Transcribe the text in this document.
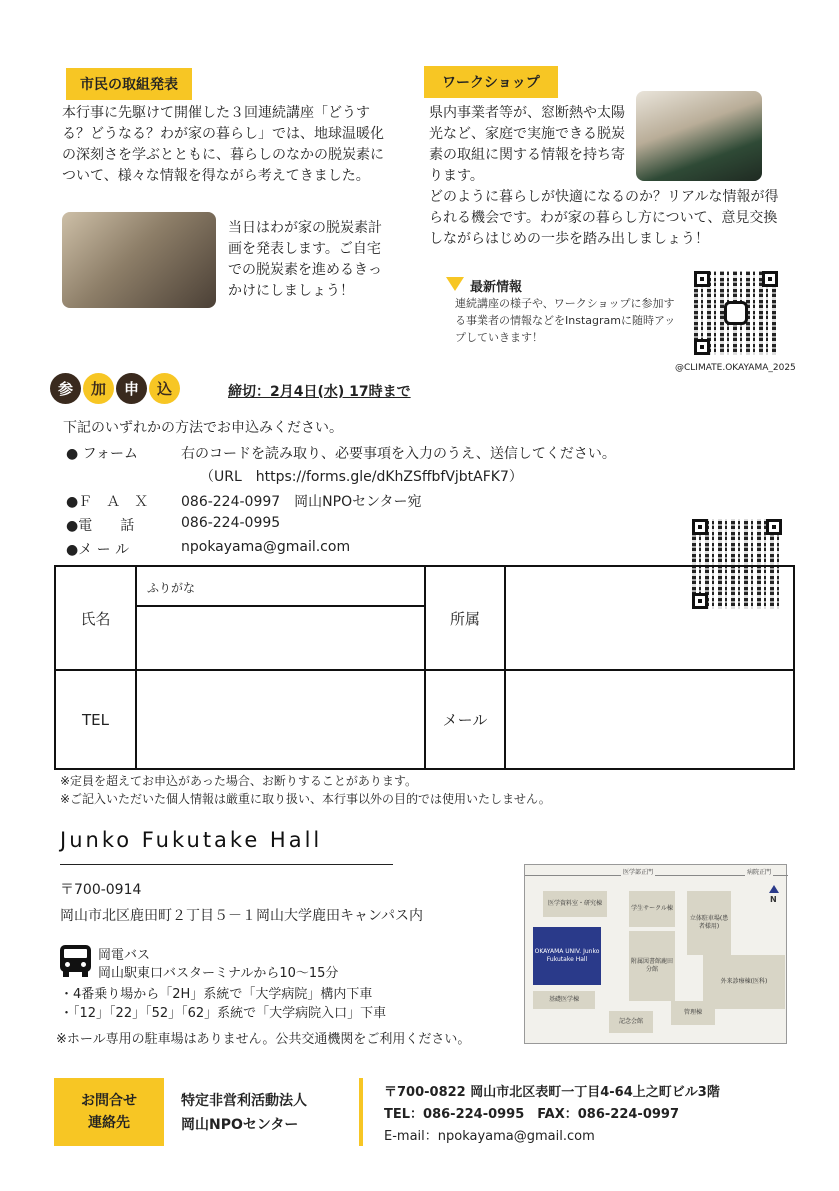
市民の取組発表
本行事に先駆けて開催した３回連続講座「どうする？どうなる？わが家の暮らし」では、地球温暖化の深刻さを学ぶとともに、暮らしのなかの脱炭素について、様々な情報を得ながら考えてきました。
当日はわが家の脱炭素計画を発表します。ご自宅での脱炭素を進めるきっかけにしましょう！
ワークショップ
県内事業者等が、窓断熱や太陽光など、家庭で実施できる脱炭素の取組に関する情報を持ち寄ります。
どのように暮らしが快適になるのか？リアルな情報が得られる機会です。わが家の暮らし方について、意見交換しながらはじめの一歩を踏み出しましょう！
最新情報
連続講座の様子や、ワークショップに参加する事業者の情報などをInstagramに随時アップしていきます！
@CLIMATE.OKAYAMA_2025
参	加	申	込	締切：2月4日(水) 17時まで
下記のいずれかの方法でお申込みください。
● フォーム	右のコードを読み取り、必要事項を入力のうえ、送信してください。
（URL　https://forms.gle/dKhZSffbfVjbtAFK7）
●Ｆ　Ａ　Ｘ 086-224-0997　岡山NPOセンター宛
●電　　話	086-224-0995
●メ ー ル	npokayama@gmail.com
氏名	ふりがな	所属	

TEL		メール	
※定員を超えてお申込があった場合、お断りすることがあります。
※ご記入いただいた個人情報は厳重に取り扱い、本行事以外の目的では使用いたしません。
Junko Fukutake Hall
〒700-0914
岡山市北区鹿田町２丁目５－１岡山大学鹿田キャンパス内
岡電バス
岡山駅東口バスターミナルから10〜15分
・4番乗り場から「2H」系統で「大学病院」構内下車
・「12」「22」「52」「62」系統で「大学病院入口」下車
※ホール専用の駐車場はありません。公共交通機関をご利用ください。
医学部正門	病院正門
N
医学資料室・研究棟
学生サークル棟
立体駐車場(患者様用)
OKAYAMA UNIV. Junko Fukutake Hall	附属図書館鹿田分館
外来診療棟(医科)
基礎医学棟
記念会館
管理棟
お問合せ
連絡先
特定非営利活動法人
岡山NPOセンター
〒700-0822 岡山市北区表町一丁目4-64上之町ビル3階
TEL：086-224-0995　FAX：086-224-0997
E-mail：npokayama@gmail.com
